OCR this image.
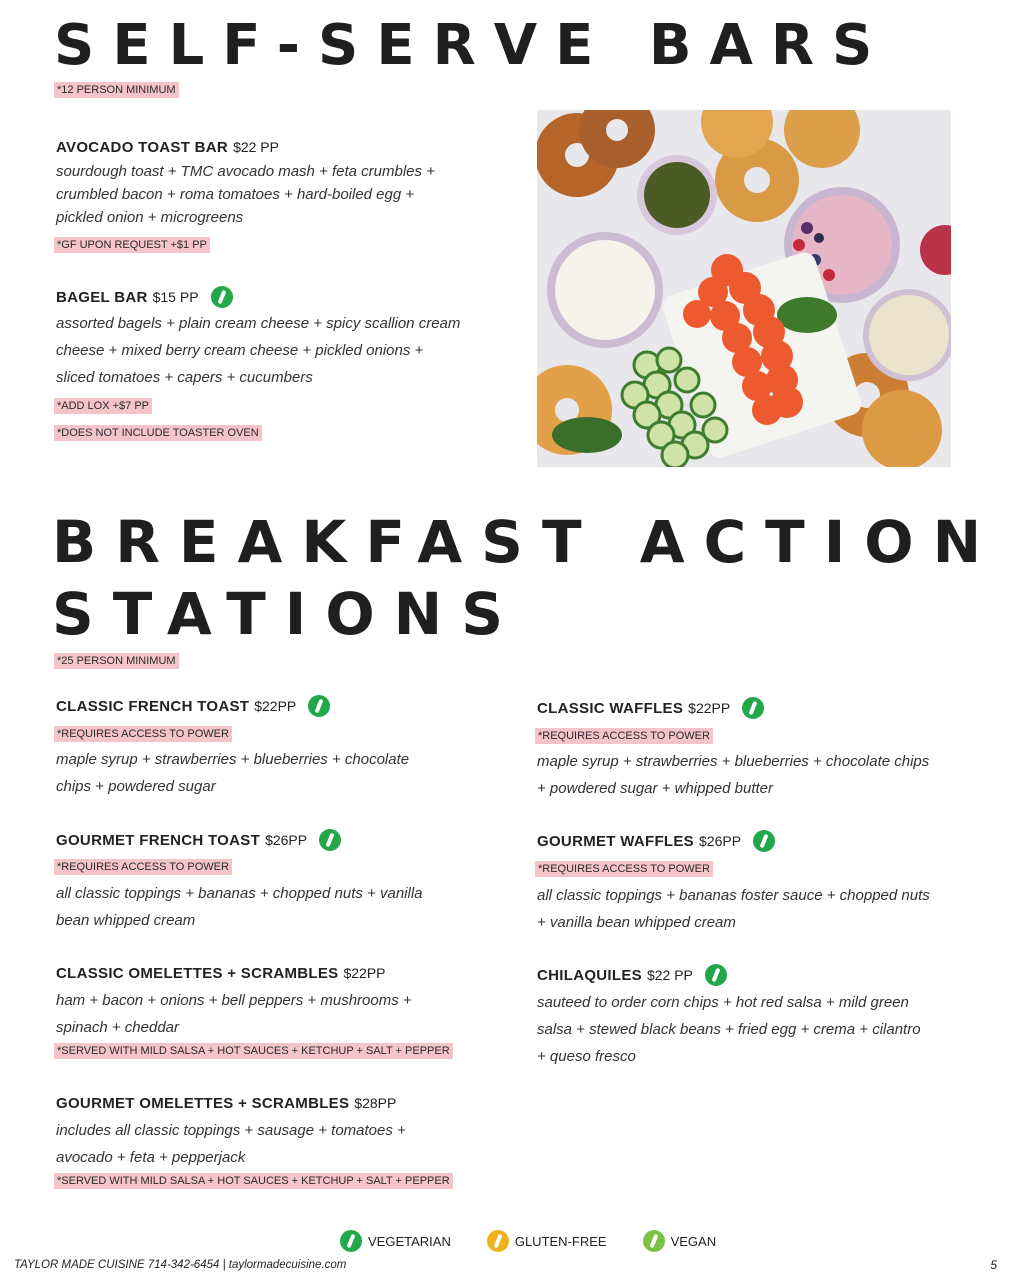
SELF-SERVE BARS
*12 PERSON MINIMUM
AVOCADO TOAST BAR $22 PP

sourdough toast + TMC avocado mash + feta crumbles +
crumbled bacon + roma tomatoes + hard-boiled egg +
pickled onion + microgreens

*GF UPON REQUEST +$1 PP
BAGEL BAR $15 PP

assorted bagels + plain cream cheese + spicy scallion cream
cheese + mixed berry cream cheese + pickled onions +
sliced tomatoes + capers + cucumbers

*ADD LOX +$7 PP
*DOES NOT INCLUDE TOASTER OVEN
BREAKFAST ACTION
STATIONS
*25 PERSON MINIMUM
CLASSIC FRENCH TOAST $22PP
*REQUIRES ACCESS TO POWER

maple syrup + strawberries + blueberries + chocolate
chips + powdered sugar

GOURMET FRENCH TOAST $26PP
*REQUIRES ACCESS TO POWER

all classic toppings + bananas + chopped nuts + vanilla
bean whipped cream

CLASSIC OMELETTES + SCRAMBLES $22PP

ham + bacon + onions + bell peppers + mushrooms +
spinach + cheddar

*SERVED WITH MILD SALSA + HOT SAUCES + KETCHUP + SALT + PEPPER
GOURMET OMELETTES + SCRAMBLES $28PP

includes all classic toppings + sausage + tomatoes +
avocado + feta + pepperjack

*SERVED WITH MILD SALSA + HOT SAUCES + KETCHUP + SALT + PEPPER
CLASSIC WAFFLES $22PP
*REQUIRES ACCESS TO POWER

maple syrup + strawberries + blueberries + chocolate chips
+ powdered sugar + whipped butter

GOURMET WAFFLES $26PP
*REQUIRES ACCESS TO POWER

all classic toppings + bananas foster sauce + chopped nuts
+ vanilla bean whipped cream

CHILAQUILES $22 PP

sauteed to order corn chips + hot red salsa + mild green
salsa + stewed black beans + fried egg + crema + cilantro
+ queso fresco

VEGETARIAN	GLUTEN-FREE	VEGAN
TAYLOR MADE CUISINE 714-342-6454 | taylormadecuisine.com	5
